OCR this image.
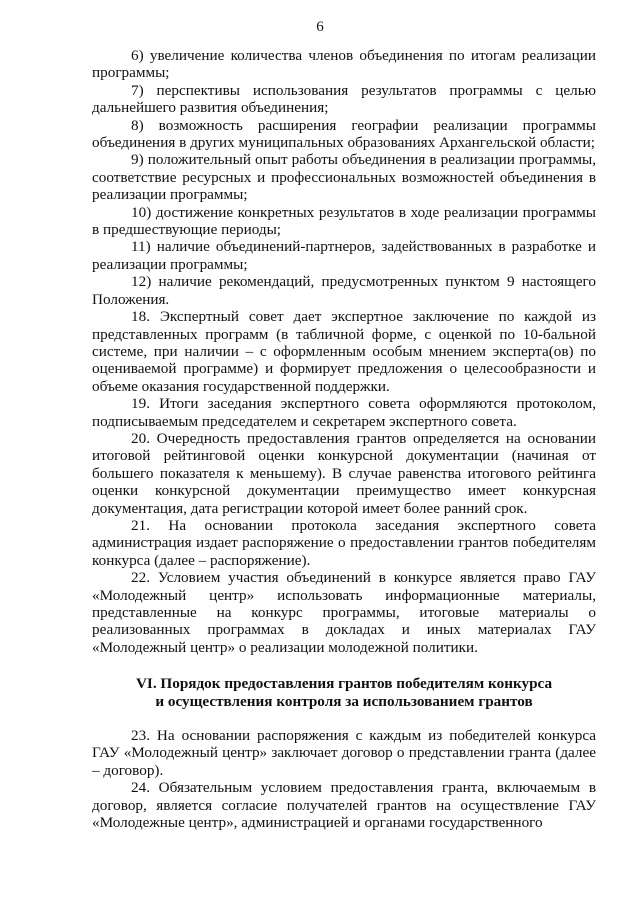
6

6) увеличение количества членов объединения по итогам реализации программы;

7) перспективы использования результатов программы с целью дальнейшего развития объединения;

8) возможность расширения географии реализации программы объединения в других муниципальных образованиях Архангельской области;

9) положительный опыт работы объединения в реализации программы, соответствие ресурсных и профессиональных возможностей объединения в реализации программы;

10) достижение конкретных результатов в ходе реализации программы в предшествующие периоды;

11) наличие объединений-партнеров, задействованных в разработке и реализации программы;

12) наличие рекомендаций, предусмотренных пунктом 9 настоящего Положения.

18. Экспертный совет дает экспертное заключение по каждой из представленных программ (в табличной форме, с оценкой по 10-бальной системе, при наличии – с оформленным особым мнением эксперта(ов) по оцениваемой программе) и формирует предложения о целесообразности и объеме оказания государственной поддержки.

19. Итоги заседания экспертного совета оформляются протоколом, подписываемым председателем и секретарем экспертного совета.

20. Очередность предоставления грантов определяется на основании итоговой рейтинговой оценки конкурсной документации (начиная от большего показателя к меньшему). В случае равенства итогового рейтинга оценки конкурсной документации преимущество имеет конкурсная документация, дата регистрации которой имеет более ранний срок.

21. На основании протокола заседания экспертного совета администрация издает распоряжение о предоставлении грантов победителям конкурса (далее – распоряжение).

22. Условием участия объединений в конкурсе является право ГАУ «Молодежный центр» использовать информационные материалы, представленные на конкурс программы, итоговые материалы о реализованных программах в докладах и иных материалах ГАУ «Молодежный центр» о реализации молодежной политики.

VI. Порядок предоставления грантов победителям конкурса
и осуществления контроля за использованием грантов

23. На основании распоряжения с каждым из победителей конкурса ГАУ «Молодежный центр» заключает договор о представлении гранта (далее – договор).

24. Обязательным условием предоставления гранта, включаемым в договор, является согласие получателей грантов на осуществление ГАУ «Молодежные центр», администрацией и органами государственного
